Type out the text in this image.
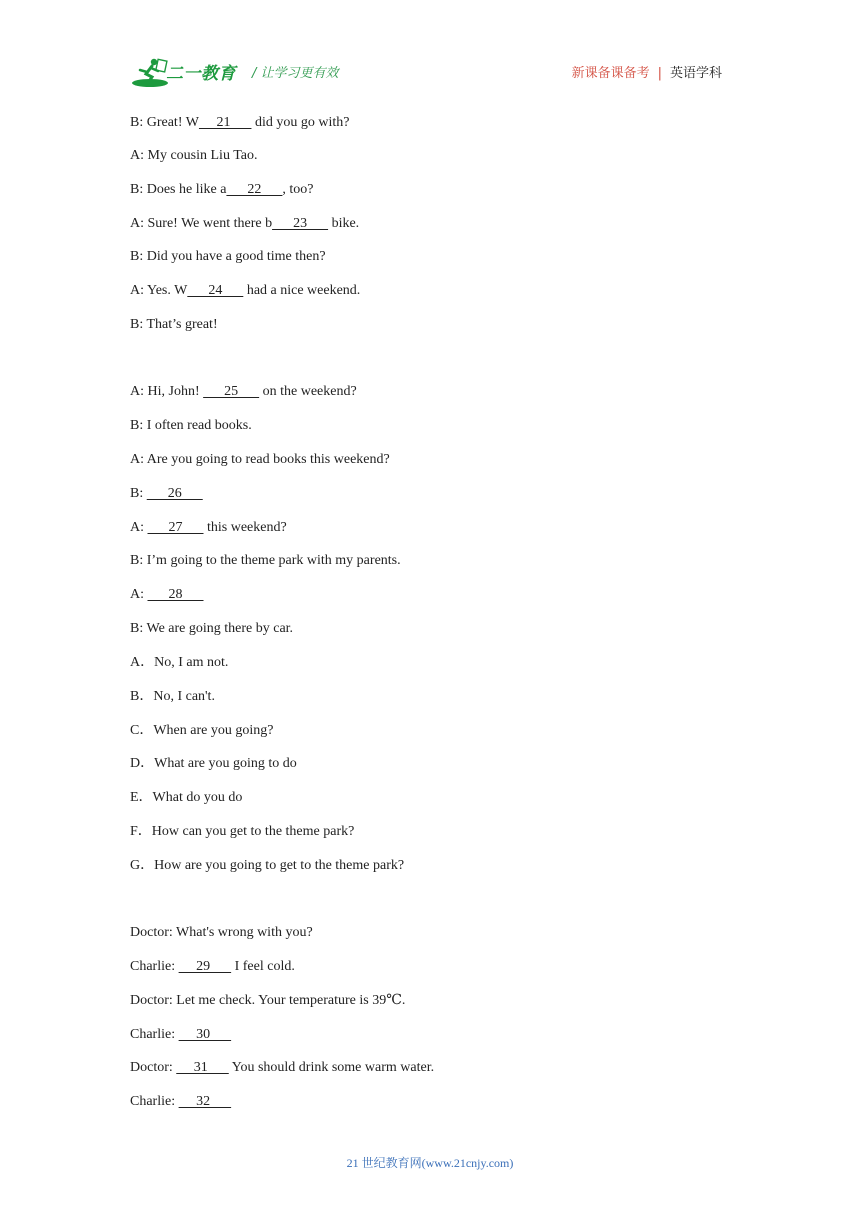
二一教育 / 让学习更有效	新课备课备考 | 英语学科
B: Great! W     21       did you go with?
A: My cousin Liu Tao.
B: Does he like a      22      , too?
A: Sure! We went there b      23       bike.
B: Did you have a good time then?
A: Yes. W      24       had a nice weekend.
B: That’s great!
A: Hi, John!       25       on the weekend?
B: I often read books.
A: Are you going to read books this weekend?
B:       26
A:       27       this weekend?
B: I’m going to the theme park with my parents.
A:       28
B: We are going there by car.
A．No, I am not.
B．No, I can't.
C．When are you going?
D．What are you going to do
E．What do you do
F．How can you get to the theme park?
G．How are you going to get to the theme park?
Doctor: What's wrong with you?
Charlie:      29       I feel cold.
Doctor: Let me check. Your temperature is 39℃.
Charlie:      30
Doctor:      31       You should drink some warm water.
Charlie:      32
21 世纪教育网(www.21cnjy.com)
